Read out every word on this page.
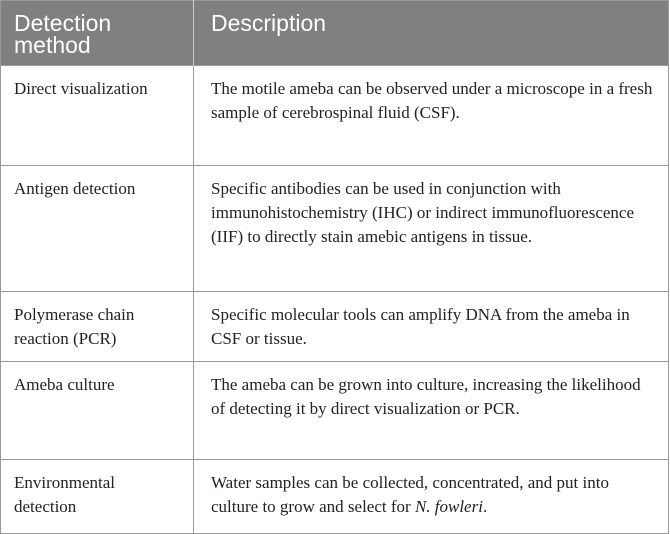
Detection method	Description
Direct visualization	The motile ameba can be observed under a microscope in a fresh sample of cerebrospinal fluid (CSF).
Antigen detection	Specific antibodies can be used in conjunction with immunohistochemistry (IHC) or indirect immunofluorescence (IIF) to directly stain amebic antigens in tissue.
Polymerase chain reaction (PCR)	Specific molecular tools can amplify DNA from the ameba in CSF or tissue.
Ameba culture	The ameba can be grown into culture, increasing the likelihood of detecting it by direct visualization or PCR.
Environmental detection	Water samples can be collected, concentrated, and put into culture to grow and select for N. fowleri.
